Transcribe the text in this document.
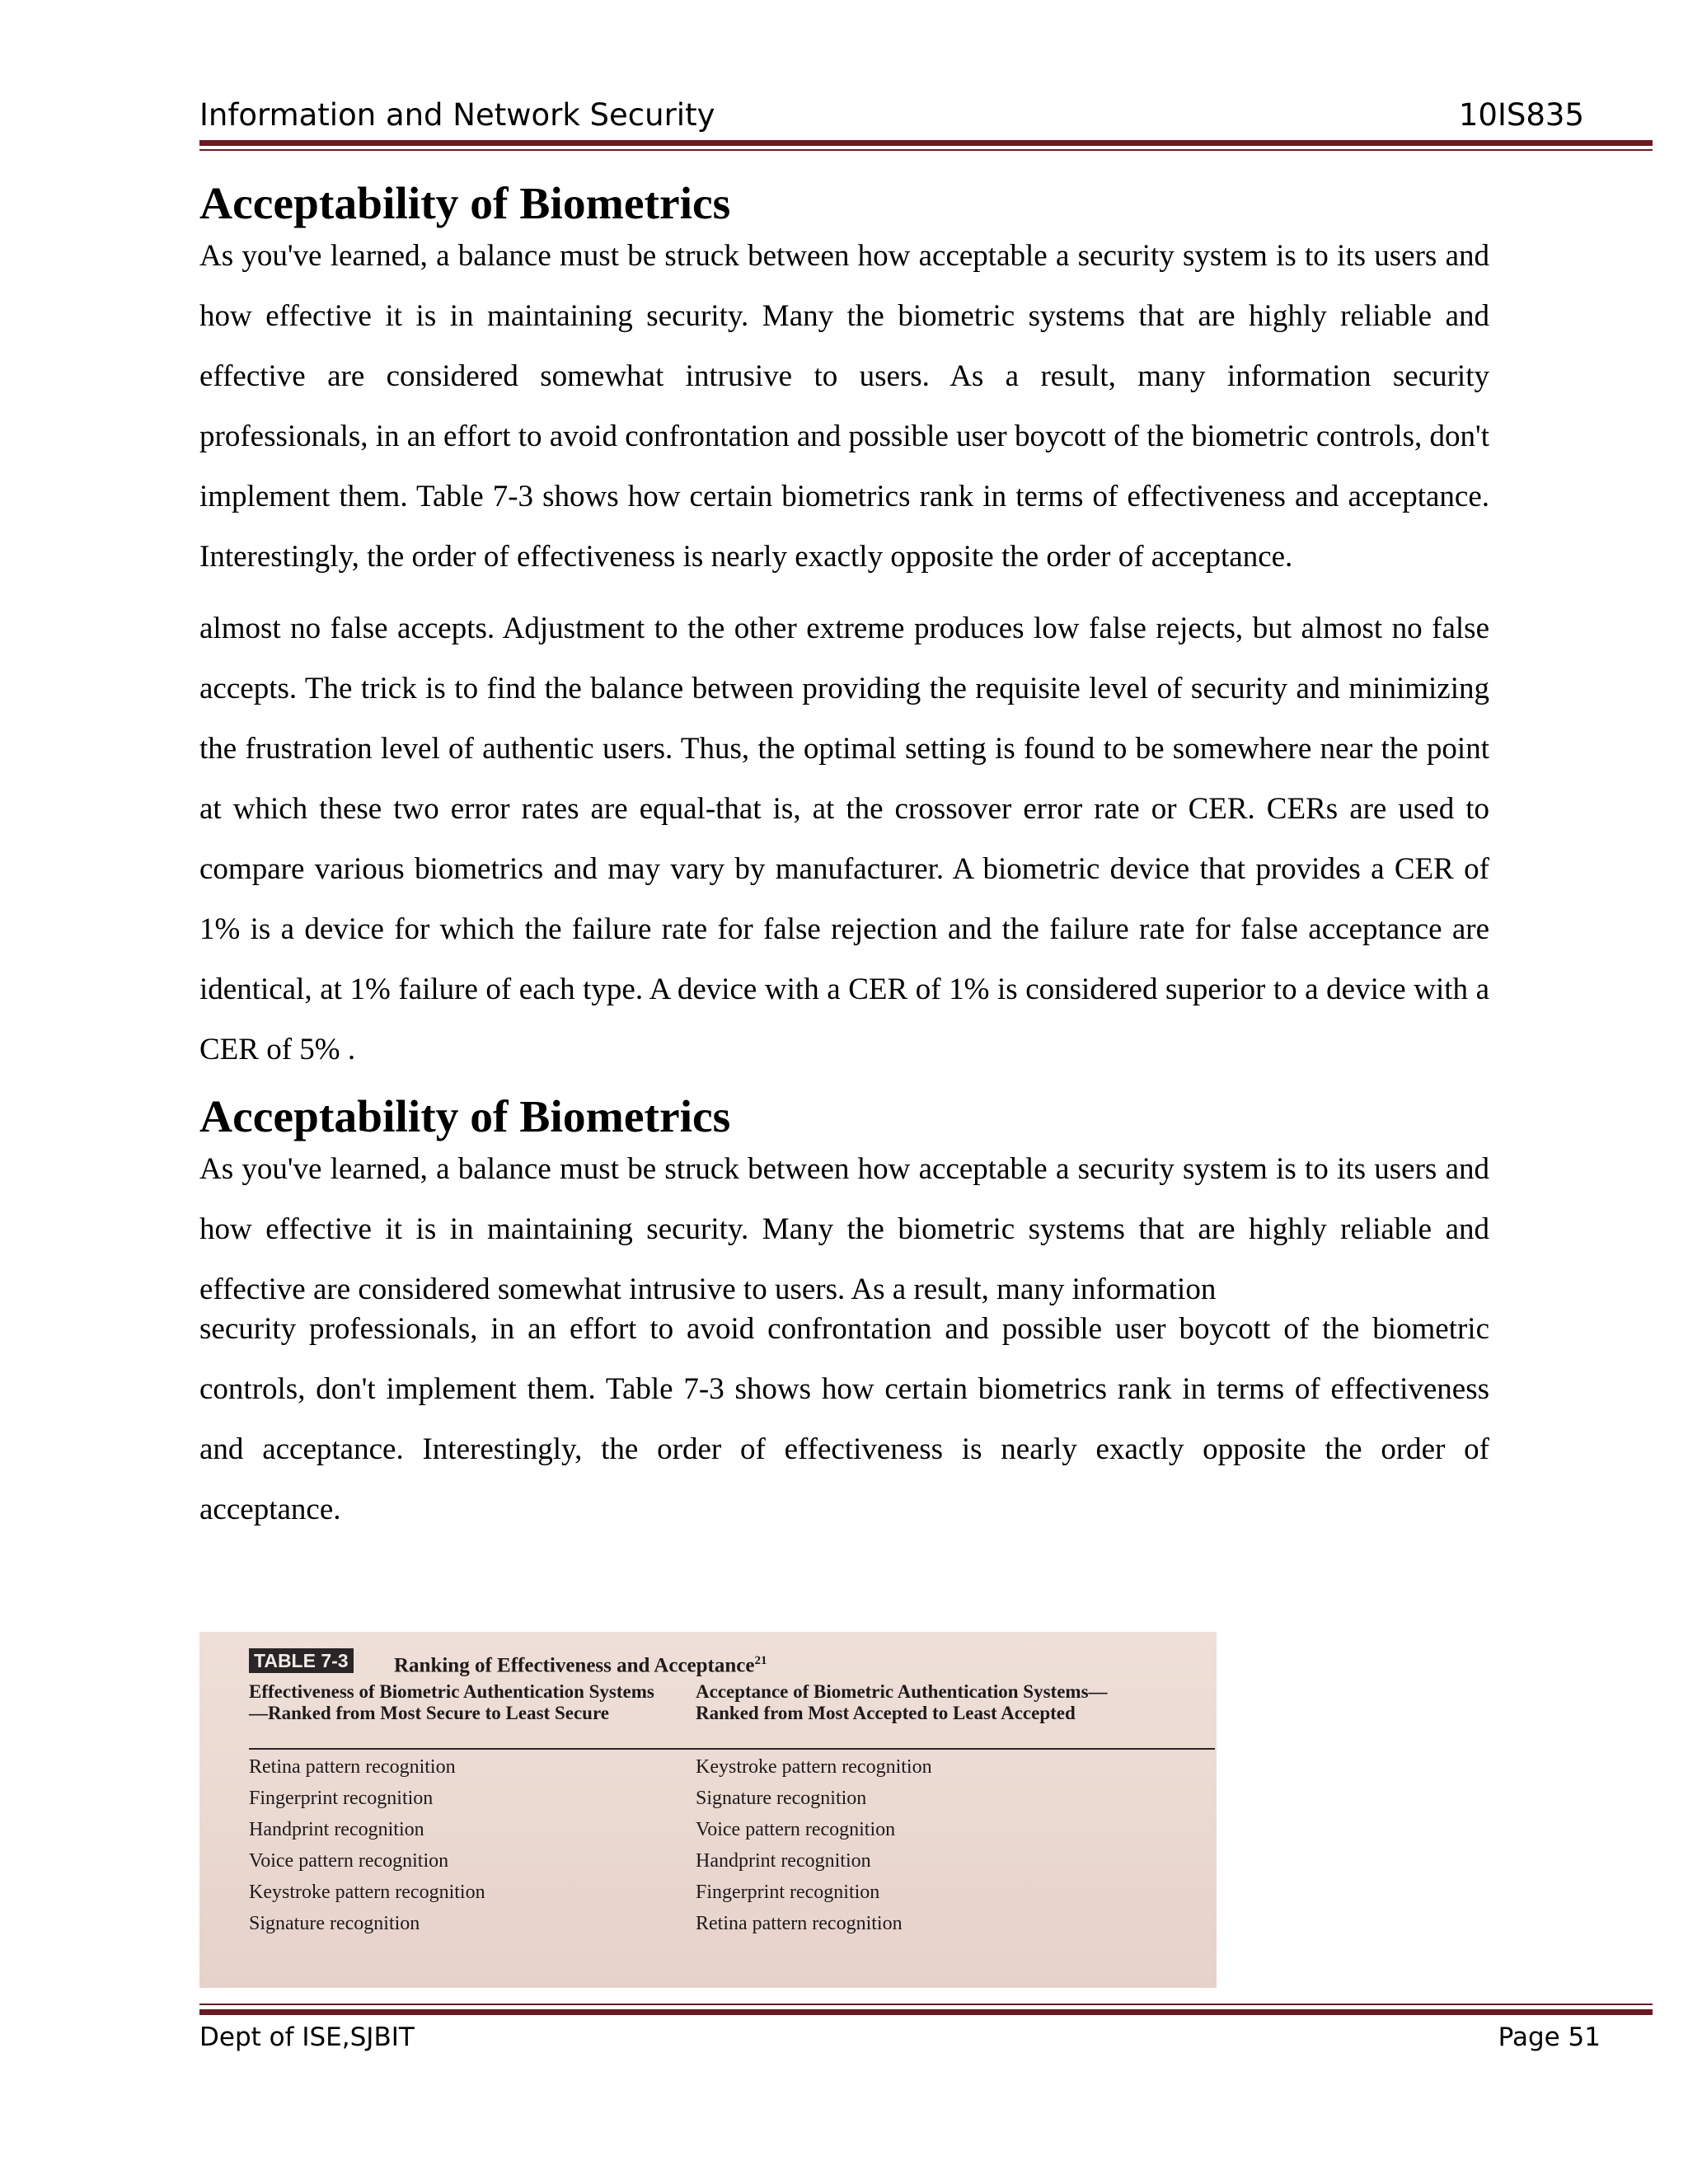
Information and Network Security	10IS835
Acceptability of Biometrics

As you've learned, a balance must be struck between how acceptable a security system is to its users and how effective it is in maintaining security. Many the biometric systems that are highly reliable and effective are considered somewhat intrusive to users. As a result, many information security professionals, in an effort to avoid confrontation and possible user boycott of the biometric controls, don't implement them. Table 7-3 shows how certain biometrics rank in terms of effectiveness and acceptance. Interestingly, the order of effectiveness is nearly exactly opposite the order of acceptance.

almost no false accepts. Adjustment to the other extreme produces low false rejects, but almost no false accepts. The trick is to find the balance between providing the requisite level of security and minimizing the frustration level of authentic users. Thus, the optimal setting is found to be somewhere near the point at which these two error rates are equal-that is, at the crossover error rate or CER. CERs are used to compare various biometrics and may vary by manufacturer. A biometric device that provides a CER of 1% is a device for which the failure rate for false rejection and the failure rate for false acceptance are identical, at 1% failure of each type. A device with a CER of 1% is considered superior to a device with a CER of 5% .

Acceptability of Biometrics

As you've learned, a balance must be struck between how acceptable a security system is to its users and how effective it is in maintaining security. Many the biometric systems that are highly reliable and effective are considered somewhat intrusive to users. As a result, many information

security professionals, in an effort to avoid confrontation and possible user boycott of the biometric controls, don't implement them. Table 7-3 shows how certain biometrics rank in terms of effectiveness and acceptance. Interestingly, the order of effectiveness is nearly exactly opposite the order of acceptance.

TABLE 7-3 Ranking of Effectiveness and Acceptance$^{21}$
Effectiveness of Biometric Authentication Systems—Ranked from Most Secure to Least Secure
Acceptance of Biometric Authentication Systems—Ranked from Most Accepted to Least Accepted
Retina pattern recognition
Fingerprint recognition
Handprint recognition
Voice pattern recognition
Keystroke pattern recognition
Signature recognition
Keystroke pattern recognition
Signature recognition
Voice pattern recognition
Handprint recognition
Fingerprint recognition
Retina pattern recognition
Dept of ISE,SJBIT	Page 51
